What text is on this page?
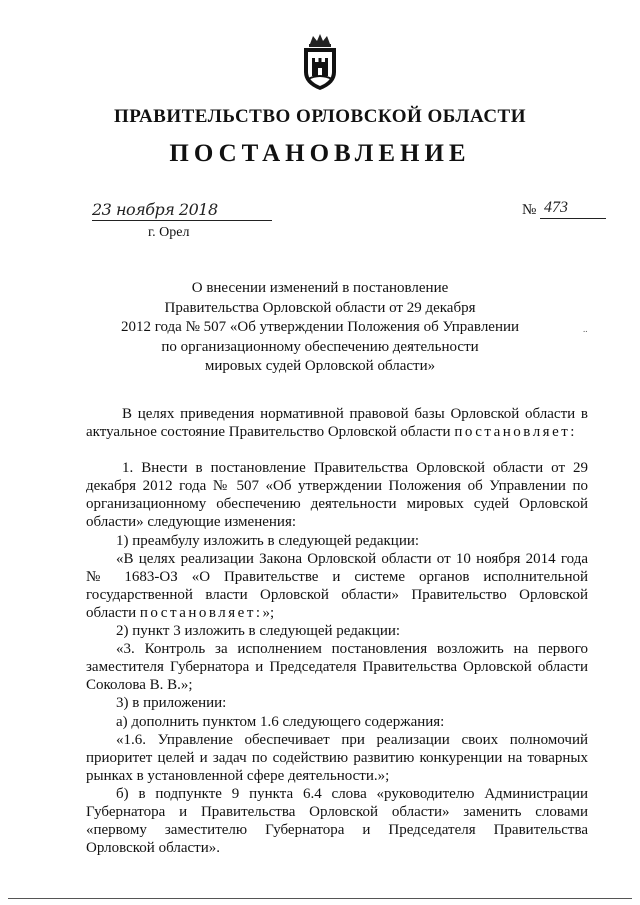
ПРАВИТЕЛЬСТВО ОРЛОВСКОЙ ОБЛАСТИ
ПОСТАНОВЛЕНИЕ
23 ноября 2018
г. Орел
№ 473
О внесении изменений в постановление
Правительства Орловской области от 29 декабря
2012 года № 507 «Об утверждении Положения об Управлении
по организационному обеспечению деятельности
мировых судей Орловской области»
..

В целях приведения нормативной правовой базы Орловской области в актуальное состояние Правительство Орловской области постановляет:

1. Внести в постановление Правительства Орловской области от 29 декабря 2012 года № 507 «Об утверждении Положения об Управлении по организационному обеспечению деятельности мировых судей Орловской области» следующие изменения:

1) преамбулу изложить в следующей редакции:

«В целях реализации Закона Орловской области от 10 ноября 2014 года № 1683-ОЗ «О Правительстве и системе органов исполнительной государственной власти Орловской области» Правительство Орловской области постановляет:»;

2) пункт 3 изложить в следующей редакции:

«3. Контроль за исполнением постановления возложить на первого заместителя Губернатора и Председателя Правительства Орловской области Соколова В. В.»;

3) в приложении:

а) дополнить пунктом 1.6 следующего содержания:

«1.6. Управление обеспечивает при реализации своих полномочий приоритет целей и задач по содействию развитию конкуренции на товарных рынках в установленной сфере деятельности.»;

б) в подпункте 9 пункта 6.4 слова «руководителю Администрации Губернатора и Правительства Орловской области» заменить словами «первому заместителю Губернатора и Председателя Правительства Орловской области».
